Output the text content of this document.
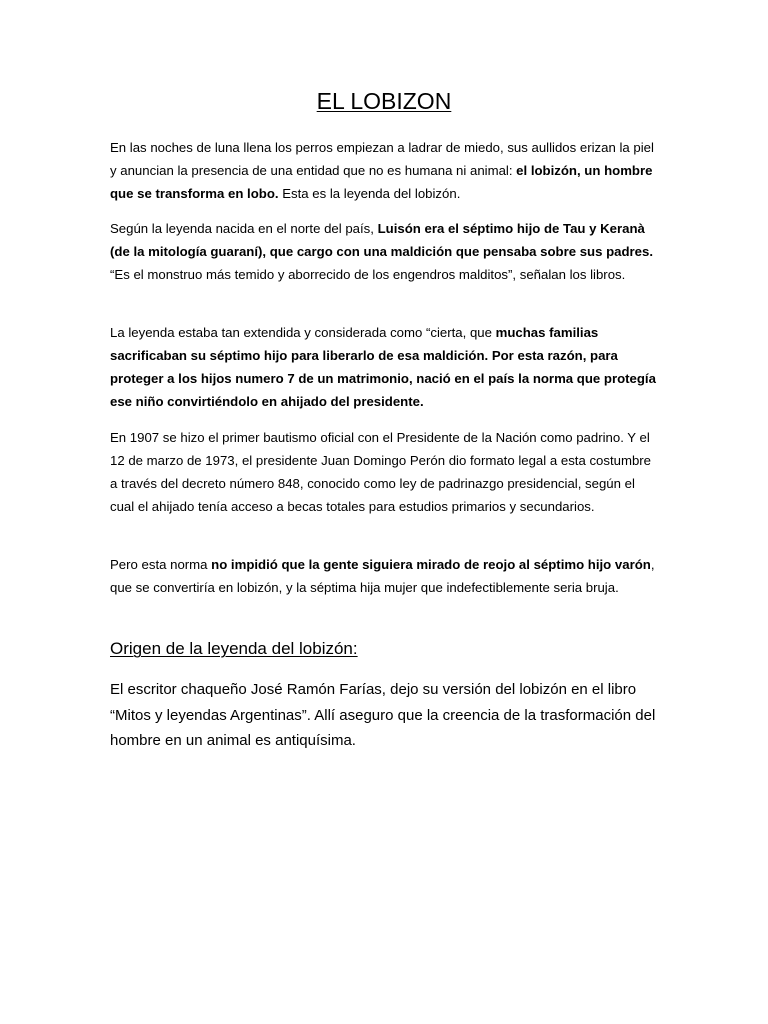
EL LOBIZON

En las noches de luna llena los perros empiezan a ladrar de miedo, sus aullidos erizan la piel y anuncian la presencia de una entidad que no es humana ni animal: el lobizón, un hombre que se transforma en lobo. Esta es la leyenda del lobizón.

Según la leyenda nacida en el norte del país, Luisón era el séptimo hijo de Tau y Keranà (de la mitología guaraní), que cargo con una maldición que pensaba sobre sus padres. “Es el monstruo más temido y aborrecido de los engendros malditos”, señalan los libros.

La leyenda estaba tan extendida y considerada como “cierta, que muchas familias sacrificaban su séptimo hijo para liberarlo de esa maldición. Por esta razón, para proteger a los hijos numero 7 de un matrimonio, nació en el país la norma que protegía ese niño convirtiéndolo en ahijado del presidente.

En 1907 se hizo el primer bautismo oficial con el Presidente de la Nación como padrino. Y el 12 de marzo de 1973, el presidente Juan Domingo Perón dio formato legal a esta costumbre a través del decreto número 848, conocido como ley de padrinazgo presidencial, según el cual el ahijado tenía acceso a becas totales para estudios primarios y secundarios.

Pero esta norma no impidió que la gente siguiera mirado de reojo al séptimo hijo varón, que se convertiría en lobizón, y la séptima hija mujer que indefectiblemente seria bruja.

Origen de la leyenda del lobizón:

El escritor chaqueño José Ramón Farías, dejo su versión del lobizón en el libro “Mitos y leyendas Argentinas”. Allí aseguro que la creencia de la trasformación del hombre en un animal es antiquísima.
